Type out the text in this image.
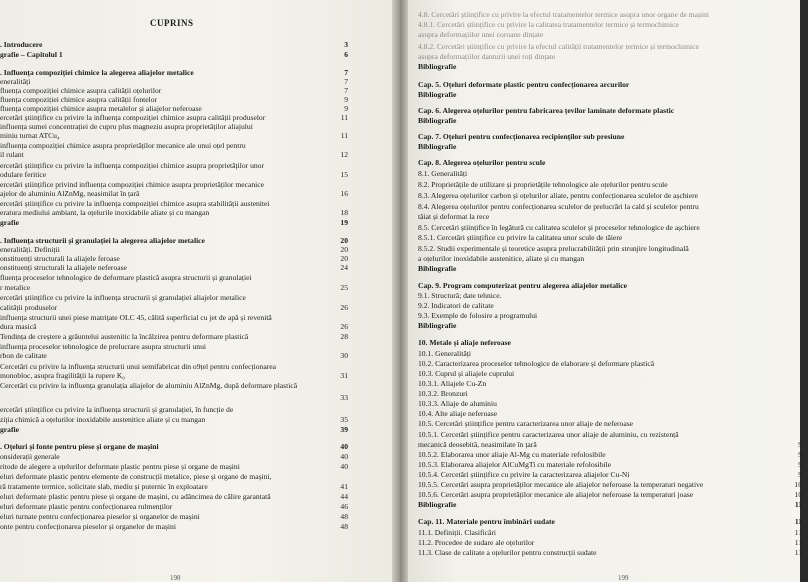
CUPRINS
. Introducere	3
grafie – Capitolul 1	6
. Influența compoziției chimice la alegerea aliajelor metalice	7
eneralități	7
fluența compoziției chimice asupra calității oțelurilor	7
fluența compoziției chimice asupra calității fontelor	9
fluența compoziției chimice asupra metalelor și aliajelor neferoase	9
ercetări științifice cu privire la influența compoziției chimice asupra calității produselor	11
influența sumei concentrației de cupru plus magneziu asupra proprietăților aliajului
miniu turnat ATCu₄	11
influența compoziției chimice asupra proprietăților mecanice ale unui oțel pentru
il rulant	12
ercetări științifice cu privire la influența compoziției chimice asupra proprietăților unor
odulare feritice	15
ercetări științifice privind influența compoziției chimice asupra proprietăților mecanice
ajelor de aluminiu AlZnMg, neasimilat în țară	16
ercetări științifice cu privire la influența compoziției chimice asupra stabilității austenitei
eratura mediului ambiant, la oțelurile inoxidabile aliate și cu mangan	18
grafie	19
. Influența structurii și granulației la alegerea aliajelor metalice	20
eneralități. Definiții	20
onstituenți structurali la aliajele feroase	20
onstituenți structurali la aliajele neferoase	24
fluența proceselor tehnologice de deformare plastică asupra structurii și granulației
r metalice	25
ercetări științifice cu privire la influența structurii și granulației aliajelor metalice
calității produselor	26
influența structurii unei piese matrițate OLC 45, călită superficial cu jet de apă și revenită
dura masică	26
Tendința de creștere a grăuntelui austenitic la încălzirea pentru deformare plastică	28
influența proceselor tehnologice de prelucrare asupra structurii unui
rbon de calitate	30
Cercetări cu privire la influența structurii unui semifabricat din o9țel pentru confecționarea
monobloc, asupra fragilității la rupere K₀	31
Cercetări cu privire la influența granulația aliajelor de aluminiu AlZnMg, după deformare plastică
33
ercetări științifice cu privire la influența structurii și granulației, în funcție de
ziția chimică a oțelurilor inoxidabile austenitice aliate și cu mangan	35
grafie	39
. Oțeluri și fonte pentru piese și organe de mașini	40
onsiderații generale	40
ritode de alegere a oțelurilor deformate plastic pentru piese și organe de mașini	40
eluri deformate plastic pentru elemente de construcții metalice, piese și organe de mașini,
ră tratamente termice, solicitate slab, mediu și puternic în exploatare	41
eluri deformate plastic pentru piese și organe de mașini, cu adâncimea de călire garantată	44
eluri deformate plastic pentru confecționarea rulmenților	46
eluri turnate pentru confecționarea pieselor și organelor de mașini	48
onte pentru confecționarea pieselor și organelor de mașini	48
198
4.8. Cercetări științifice cu privire la efectul tratamentelor termice asupra unor organe de mașini
4.8.1. Cercetări științifice cu privire la calitatea tratamentelor termice și termochimice
asupra deformațiilor unei coroane dințate
4.8.2. Cercetări științifice cu privire la efectul calității tratamentelor termice și termochimice
asupra deformațiilor danturii unei roți dințate
Bibliografie
Cap. 5. Oțeluri deformate plastic pentru confecționarea arcurilor
Bibliografie
Cap. 6. Alegerea oțelurilor pentru fabricarea țevilor laminate deformate plastic
Bibliografie
Cap. 7. Oțeluri pentru confecționarea recipienților sub presiune
Bibliografie
Cap. 8. Alegerea oțelurilor pentru scule
8.1. Generalități
8.2. Proprietățile de utilizare și proprietățile tehnologice ale oțelurilor pentru scule
8.3. Alegerea oțelurilor carbon și oțelurilor aliate, pentru confecționarea sculelor de așchiere
8.4. Alegerea oțelurilor pentru confecționarea sculelor de prelucrări la cald și sculelor pentru
tăiat și deformat la rece
8.5. Cercetări științifice în legătură cu calitatea sculelor și proceselor tehnologice de așchiere
8.5.1. Cercetări științifice cu privire la calitatea unor scule de tăiere
8.5.2. Studii experimentale și teoretice asupra prelucrabilității prin strunjire longitudinală
a oțelurilor inoxidabile austenitice, aliate și cu mangan
Bibliografie
Cap. 9. Program computerizat pentru alegerea aliajelor metalice
9.1. Structură; date tehnice.
9.2. Indicatori de calitate
9.3. Exemple de folosire a programului
Bibliografie
10. Metale și aliaje neferoase
10.1. Generalități
10.2. Caracterizarea proceselor tehnologice de elaborare și deformare plastică
10.3. Cuprul și aliajele cuprului
10.3.1. Aliajele Cu-Zn
10.3.2. Bronzuri
10.3.3. Aliaje de aluminiu
10.4. Alte aliaje neferoase
10.5. Cercetări științifice pentru caracterizarea unor aliaje de neferoase
10.5.1. Cercetări științifice pentru caracterizarea unor aliaje de aluminiu, cu rezistență
mecanică deosebită, neasimilate în țară	9
10.5.2. Elaborarea unor aliaje Al-Mg cu materiale refolosibile	9
10.5.3. Elaborarea aliajelor AlCuMgTi cu materiale refolosibile	9
10.5.4. Cercetări științifice cu privire la caracterizarea aliajelor Cu-Ni	9
10.5.5. Cercetări asupra proprietăților mecanice ale aliajelor neferoase la temperaturi negative	10
10.5.6. Cercetări asupra proprietăților mecanice ale aliajelor neferoase la temperaturi joase	10
Bibliografie	11
Cap. 11. Materiale pentru îmbinări sudate	11
11.1. Definiții. Clasificări	11
11.2. Procedee de sudare ale oțelurilor	11
11.3. Clase de calitate a oțelurilor pentru construcții sudate	11
199
